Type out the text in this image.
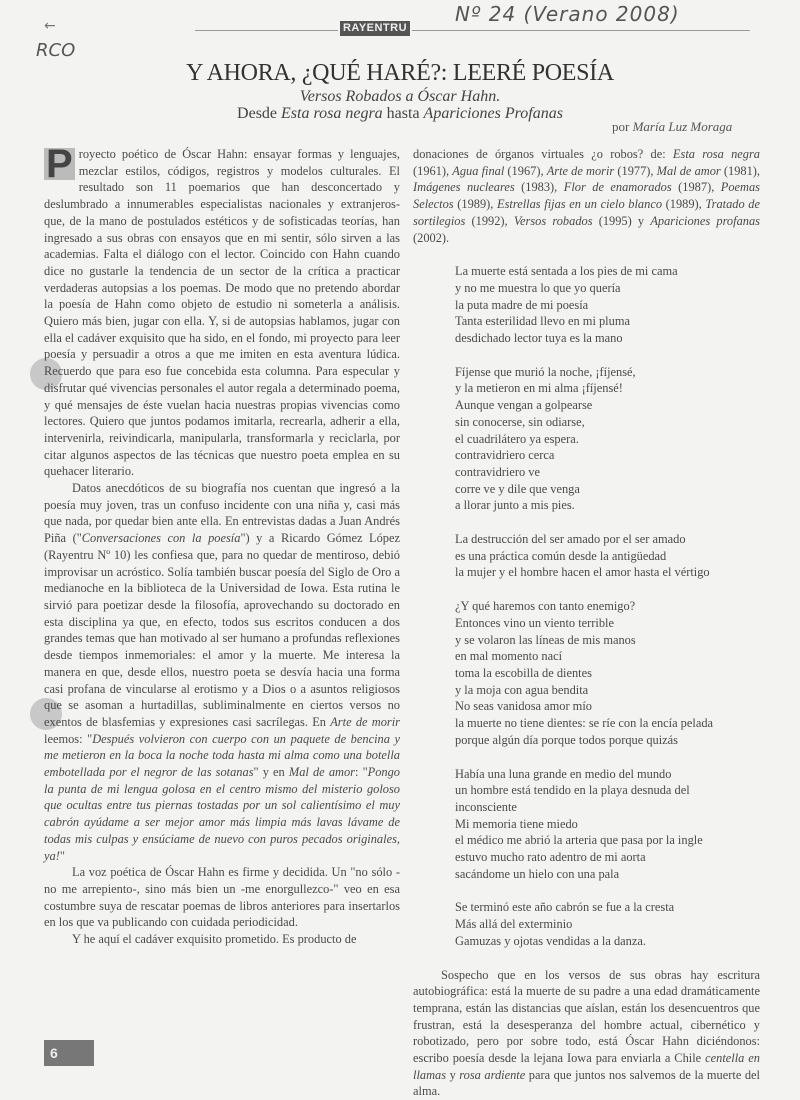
←
RCO
Nº 24 (Verano 2008)
RAYENTRU
Y AHORA, ¿QUÉ HARÉ?: LEERÉ POESÍA
Versos Robados a Óscar Hahn.
Desde Esta rosa negra hasta Apariciones Profanas
por María Luz Moraga

P royecto poético de Óscar Hahn: ensayar formas y lenguajes, mezclar estilos, códigos, registros y modelos culturales. El resultado son 11 poemarios que han desconcertado y deslumbrado a innumerables especialistas nacionales y extranjeros- que, de la mano de postulados estéticos y de sofisticadas teorías, han ingresado a sus obras con ensayos que en mi sentir, sólo sirven a las academias. Falta el diálogo con el lector. Coincido con Hahn cuando dice no gustarle la tendencia de un sector de la crítica a practicar verdaderas autopsias a los poemas. De modo que no pretendo abordar la poesía de Hahn como objeto de estudio ni someterla a análisis. Quiero más bien, jugar con ella. Y, si de autopsias hablamos, jugar con ella el cadáver exquisito que ha sido, en el fondo, mi proyecto para leer poesía y persuadir a otros a que me imiten en esta aventura lúdica. Recuerdo que para eso fue concebida esta columna. Para especular y disfrutar qué vivencias personales el autor regala a determinado poema, y qué mensajes de éste vuelan hacia nuestras propias vivencias como lectores. Quiero que juntos podamos imitarla, recrearla, adherir a ella, intervenirla, reivindicarla, manipularla, transformarla y reciclarla, por citar algunos aspectos de las técnicas que nuestro poeta emplea en su quehacer literario.

Datos anecdóticos de su biografía nos cuentan que ingresó a la poesía muy joven, tras un confuso incidente con una niña y, casi más que nada, por quedar bien ante ella. En entrevistas dadas a Juan Andrés Piña ("Conversaciones con la poesía") y a Ricardo Gómez López (Rayentru Nº 10) les confiesa que, para no quedar de mentiroso, debió improvisar un acróstico. Solía también buscar poesía del Siglo de Oro a medianoche en la biblioteca de la Universidad de Iowa. Esta rutina le sirvió para poetizar desde la filosofía, aprovechando su doctorado en esta disciplina ya que, en efecto, todos sus escritos conducen a dos grandes temas que han motivado al ser humano a profundas reflexiones desde tiempos inmemoriales: el amor y la muerte. Me interesa la manera en que, desde ellos, nuestro poeta se desvía hacia una forma casi profana de vincularse al erotismo y a Dios o a asuntos religiosos que se asoman a hurtadillas, subliminalmente en ciertos versos no exentos de blasfemias y expresiones casi sacrílegas. En Arte de morir leemos: "Después volvieron con cuerpo con un paquete de bencina y me metieron en la boca la noche toda hasta mi alma como una botella embotellada por el negror de las sotanas" y en Mal de amor: "Pongo la punta de mi lengua golosa en el centro mismo del misterio goloso que ocultas entre tus piernas tostadas por un sol calientísimo el muy cabrón ayúdame a ser mejor amor más limpia más lavas lávame de todas mis culpas y ensúciame de nuevo con puros pecados originales, ya!"

La voz poética de Óscar Hahn es firme y decidida. Un "no sólo -no me arrepiento-, sino más bien un -me enorgullezco-" veo en esa costumbre suya de rescatar poemas de libros anteriores para insertarlos en los que va publicando con cuidada periodicidad.

Y he aquí el cadáver exquisito prometido. Es producto de

donaciones de órganos virtuales ¿o robos? de: Esta rosa negra (1961), Agua final (1967), Arte de morir (1977), Mal de amor (1981), Imágenes nucleares (1983), Flor de enamorados (1987), Poemas Selectos (1989), Estrellas fijas en un cielo blanco (1989), Tratado de sortilegios (1992), Versos robados (1995) y Apariciones profanas (2002).

La muerte está sentada a los pies de mi cama
y no me muestra lo que yo quería
la puta madre de mi poesía
Tanta esterilidad llevo en mi pluma
desdichado lector tuya es la mano
Fíjense que murió la noche, ¡fíjensé,
y la metieron en mi alma ¡fíjensé!
Aunque vengan a golpearse
sin conocerse, sin odiarse,
el cuadrilátero ya espera.
contravidriero cerca
contravidriero ve
corre ve y dile que venga
a llorar junto a mis pies.
La destrucción del ser amado por el ser amado
es una práctica común desde la antigüedad
la mujer y el hombre hacen el amor hasta el vértigo
¿Y qué haremos con tanto enemigo?
Entonces vino un viento terrible
y se volaron las líneas de mis manos
en mal momento nací
toma la escobilla de dientes
y la moja con agua bendita
No seas vanidosa amor mío
la muerte no tiene dientes: se ríe con la encía pelada
porque algún día porque todos porque quizás
Había una luna grande en medio del mundo
un hombre está tendido en la playa desnuda del
inconsciente
Mi memoria tiene miedo
el médico me abrió la arteria que pasa por la ingle
estuvo mucho rato adentro de mi aorta
sacándome un hielo con una pala
Se terminó este año cabrón se fue a la cresta
Más allá del exterminio
Gamuzas y ojotas vendidas a la danza.

Sospecho que en los versos de sus obras hay escritura autobiográfica: está la muerte de su padre a una edad dramáticamente temprana, están las distancias que aíslan, están los desencuentros que frustran, está la desesperanza del hombre actual, cibernético y robotizado, pero por sobre todo, está Óscar Hahn diciéndonos: escribo poesía desde la lejana Iowa para enviarla a Chile centella en llamas y rosa ardiente para que juntos nos salvemos de la muerte del alma.

6
